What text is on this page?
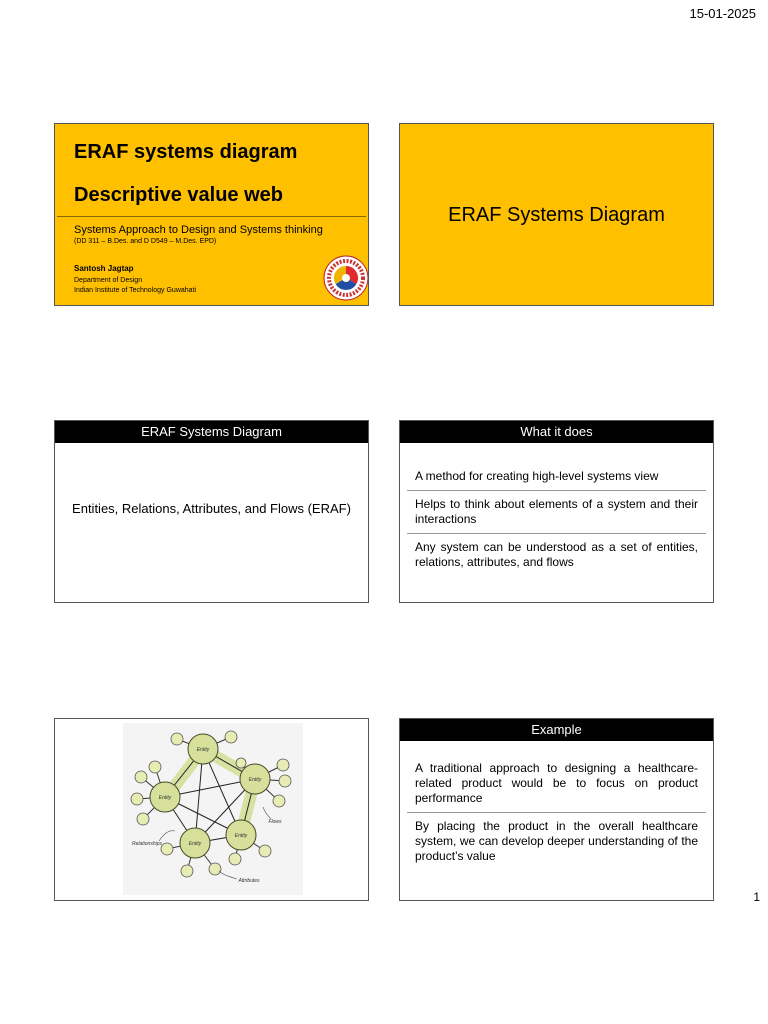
15-01-2025
ERAF systems diagram
Descriptive value web
Systems Approach to Design and Systems thinking
(DD 311 – B.Des. and D D549 – M.Des. EPD)
Santosh Jagtap
Department of Design
Indian Institute of Technology Guwahati
ERAF Systems Diagram
ERAF Systems Diagram
Entities, Relations, Attributes, and Flows (ERAF)
What it does
A method for creating high-level systems view
Helps to think about elements of a system and their interactions
Any system can be understood as a set of entities, relations, attributes, and flows
Entity
Entity
Entity
Entity
Entity
Flows
Relationships
Attributes
Example
A traditional approach to designing a healthcare-related product would be to focus on product performance
By placing the product in the overall healthcare system, we can develop deeper understanding of the product’s value
1
